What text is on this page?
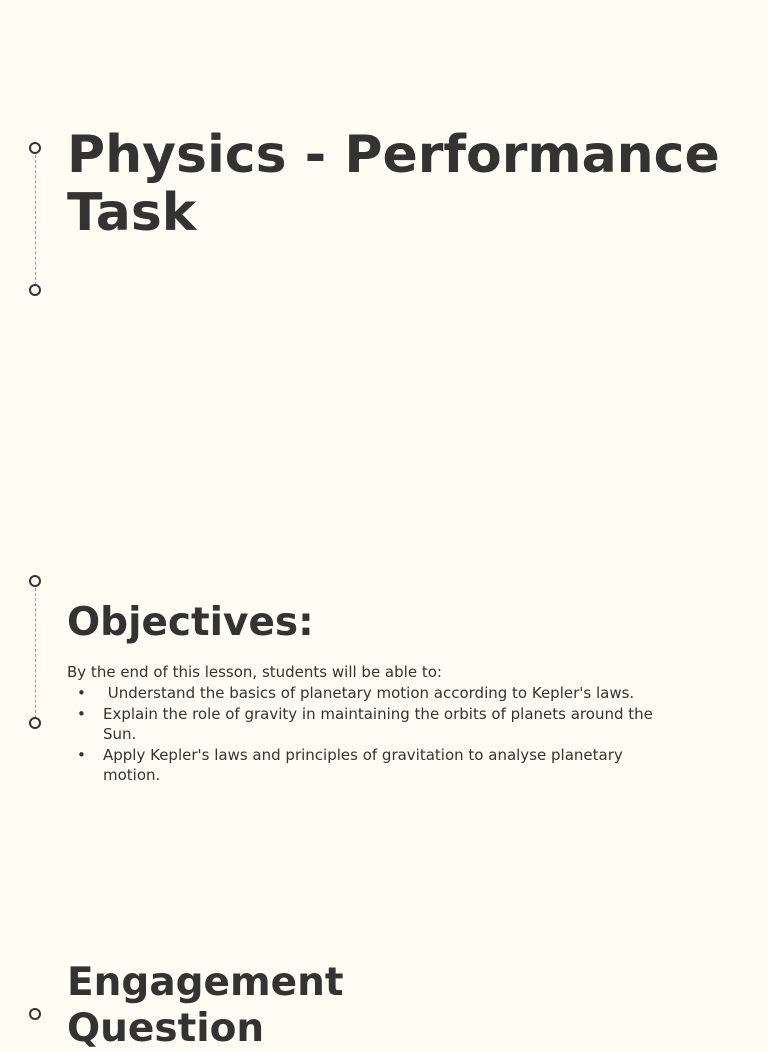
Physics - Performance Task
Objectives:

By the end of this lesson, students will be able to:

•  Understand the basics of planetary motion according to Kepler's laws.
• Explain the role of gravity in maintaining the orbits of planets around the Sun.
• Apply Kepler's laws and principles of gravitation to analyse planetary motion.
Engagement Question
